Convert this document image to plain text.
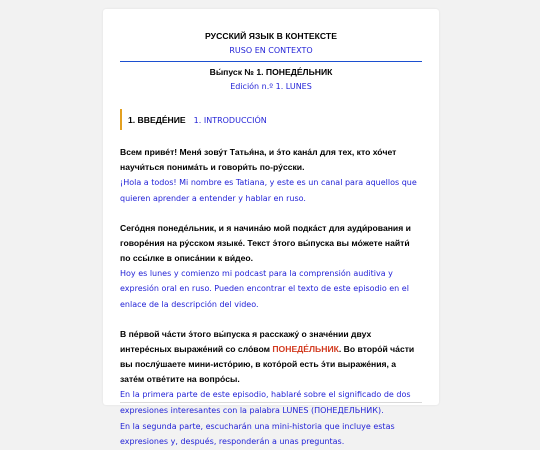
РУССКИЙ ЯЗЫК В КОНТЕКСТЕ

RUSO EN CONTEXTO

Вы́пуск № 1. ПОНЕДЕ́ЛЬНИК

Edición n.º 1. LUNES

1. ВВЕДЕ́НИЕ 1. INTRODUCCIÓN

Всем приве́т! Меня́ зову́т Татья́на, и э́то кана́л для тех, кто хо́чет научи́ться понима́ть и говори́ть по-ру́сски.

¡Hola a todos! Mi nombre es Tatiana, y este es un canal para aquellos que quieren aprender a entender y hablar en ruso.

Сего́дня понеде́льник, и я начина́ю мой подка́ст для ауди́рования и говоре́ния на ру́сском языке́. Текст э́того вы́пуска вы мо́жете найти́ по ссы́лке в описа́нии к ви́део.

Hoy es lunes y comienzo mi podcast para la comprensión auditiva y expresión oral en ruso. Pueden encontrar el texto de este episodio en el enlace de la descripción del video.

В пе́рвой ча́сти э́того вы́пуска я расскажу́ о значе́нии двух интере́сных выраже́ний со сло́вом ПОНЕДЕ́ЛЬНИК. Во второ́й ча́сти вы послу́шаете мини-исто́рию, в кото́рой есть э́ти выраже́ния, а зате́м отве́тите на вопро́сы.

En la primera parte de este episodio, hablaré sobre el significado de dos expresiones interesantes con la palabra LUNES (ПОНЕДЕЛЬНИК).

En la segunda parte, escucharán una mini-historia que incluye estas expresiones y, después, responderán a unas preguntas.
